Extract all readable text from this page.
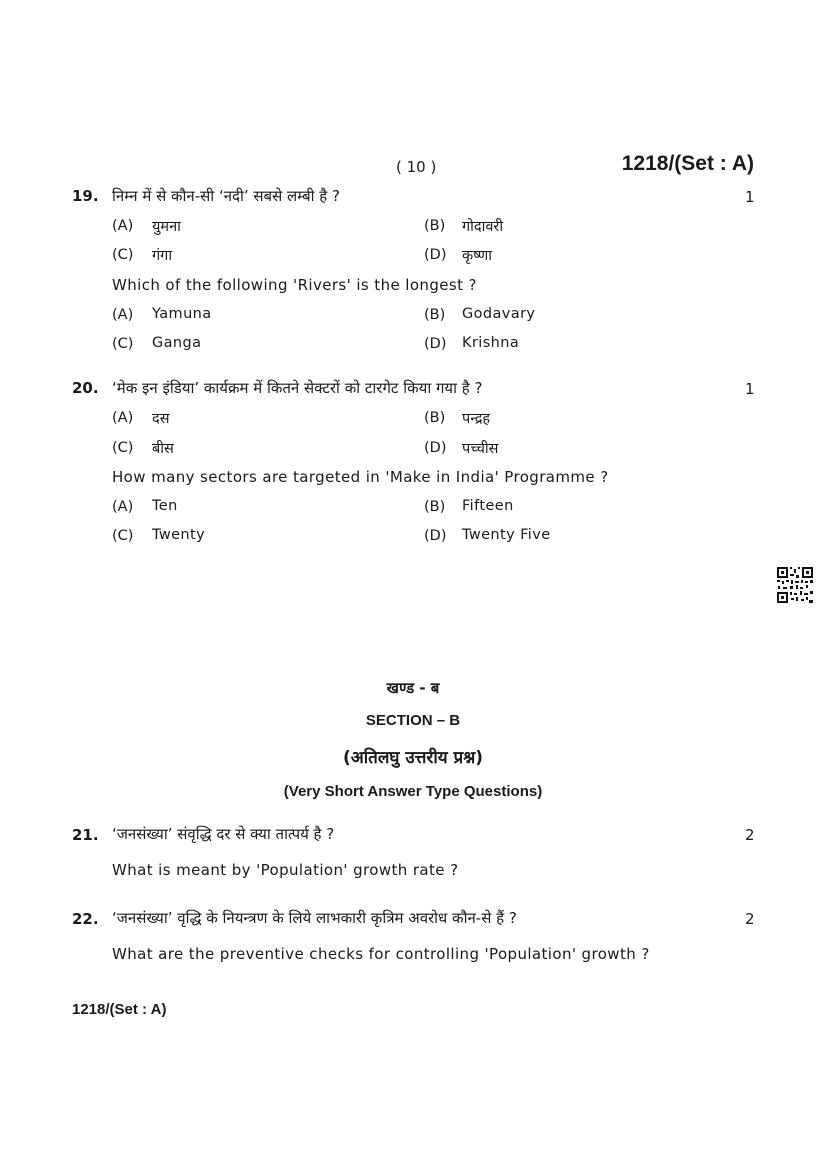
( 10 )	1218/(Set : A)
19. निम्न में से कौन-सी ‘नदी’ सबसे लम्बी है ?	1
(A) युमना	(B) गोदावरी
(C) गंगा	(D) कृष्णा
Which of the following 'Rivers' is the longest ?
(A) Yamuna	(B) Godavary
(C) Ganga	(D) Krishna
20. ‘मेक इन इंडिया’ कार्यक्रम में कितने सेक्टरों को टारगेट किया गया है ?	1
(A) दस	(B) पन्द्रह
(C) बीस	(D) पच्चीस
How many sectors are targeted in 'Make in India' Programme ?
(A) Ten	(B) Fifteen
(C) Twenty	(D) Twenty Five
खण्ड - ब
SECTION – B
(अतिलघु उत्तरीय प्रश्न)
(Very Short Answer Type Questions)
21. ‘जनसंख्या’ संवृद्धि दर से क्या तात्पर्य है ?	2
What is meant by 'Population' growth rate ?
22. ‘जनसंख्या’ वृद्धि के नियन्त्रण के लिये लाभकारी कृत्रिम अवरोध कौन-से हैं ?	2
What are the preventive checks for controlling 'Population' growth ?
1218/(Set : A)
